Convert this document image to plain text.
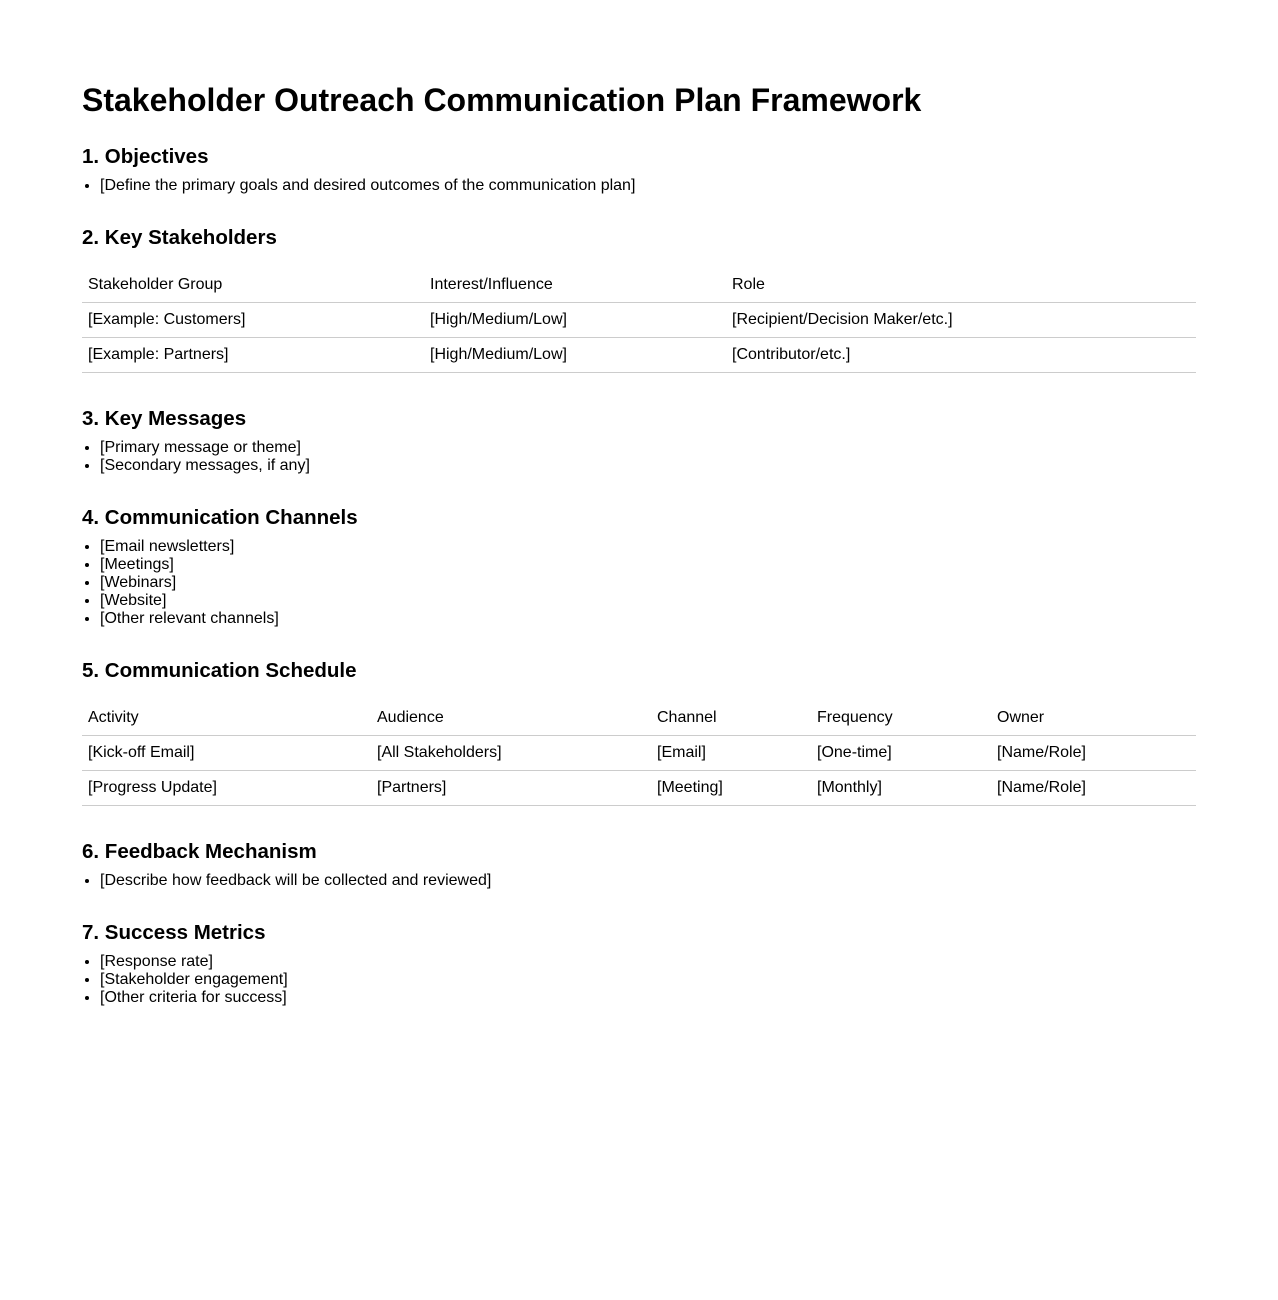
Stakeholder Outreach Communication Plan Framework
1. Objectives
• [Define the primary goals and desired outcomes of the communication plan]
2. Key Stakeholders
Stakeholder Group	Interest/Influence	Role
[Example: Customers]	[High/Medium/Low]	[Recipient/Decision Maker/etc.]
[Example: Partners]	[High/Medium/Low]	[Contributor/etc.]
3. Key Messages
• [Primary message or theme]
• [Secondary messages, if any]
4. Communication Channels
• [Email newsletters]
• [Meetings]
• [Webinars]
• [Website]
• [Other relevant channels]
5. Communication Schedule
Activity	Audience	Channel	Frequency	Owner
[Kick-off Email]	[All Stakeholders]	[Email]	[One-time]	[Name/Role]
[Progress Update]	[Partners]	[Meeting]	[Monthly]	[Name/Role]
6. Feedback Mechanism
• [Describe how feedback will be collected and reviewed]
7. Success Metrics
• [Response rate]
• [Stakeholder engagement]
• [Other criteria for success]
